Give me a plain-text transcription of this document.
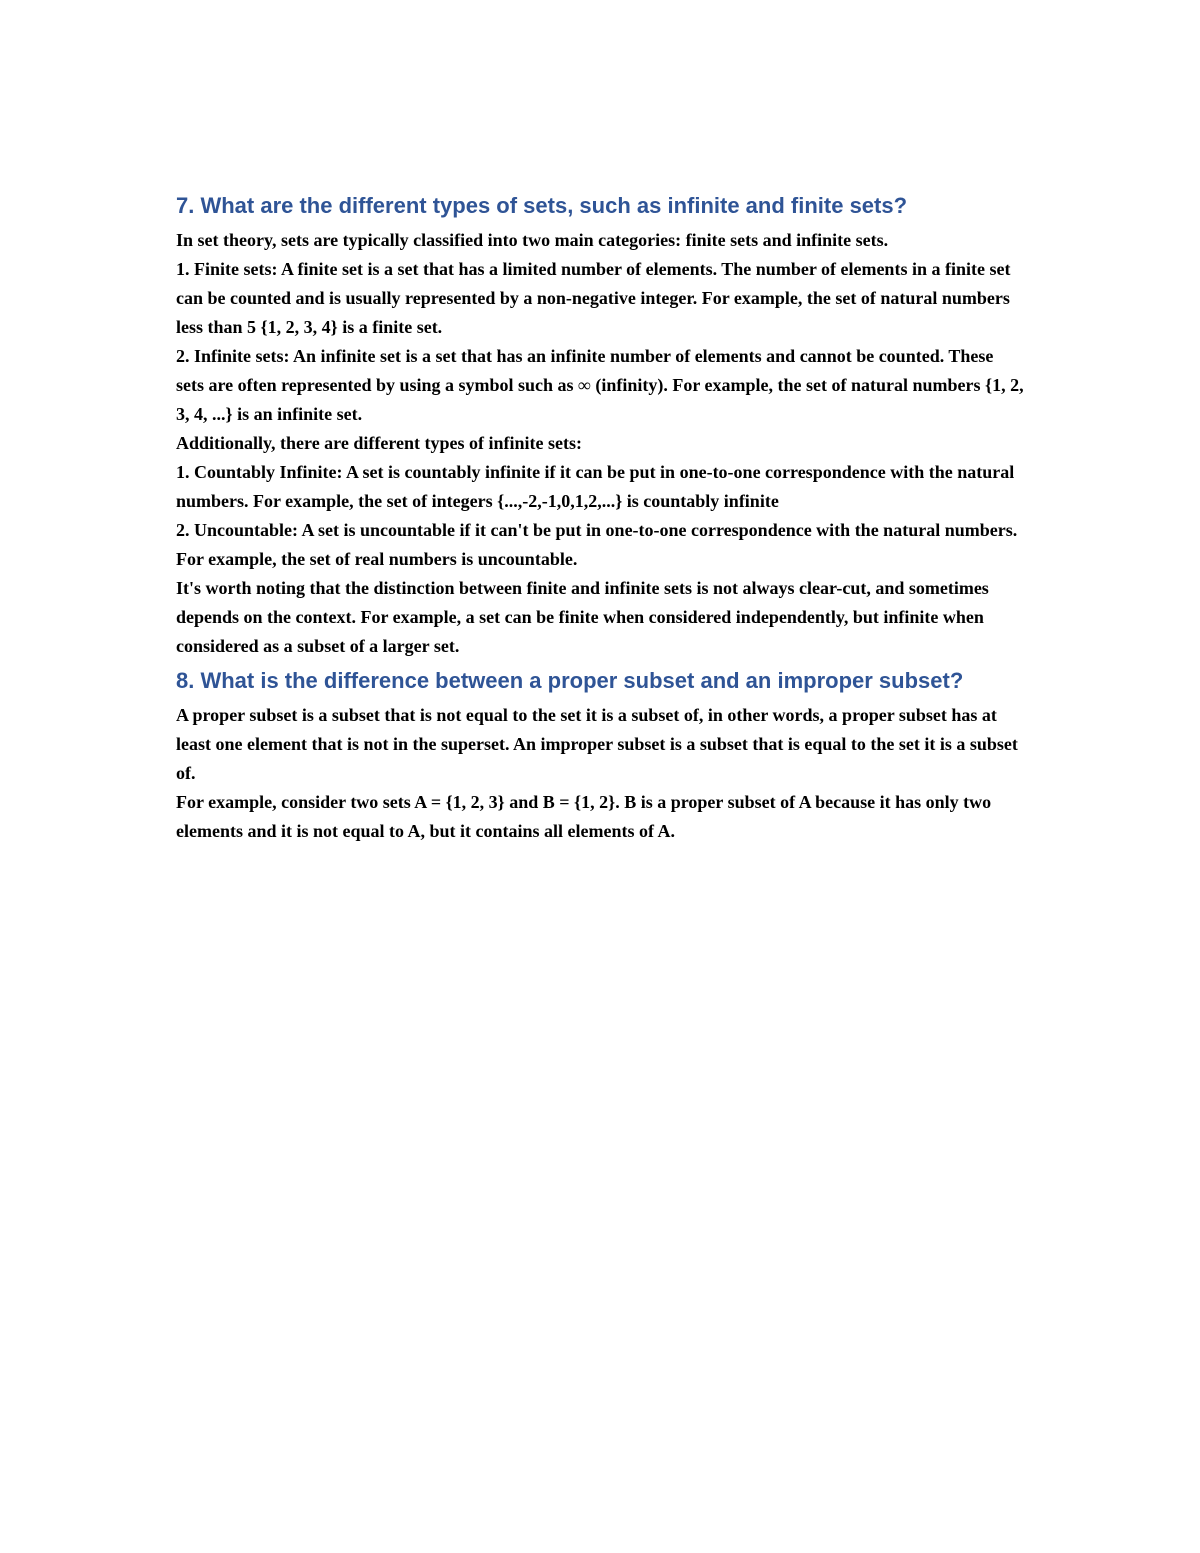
7. What are the different types of sets, such as infinite and finite sets?

In set theory, sets are typically classified into two main categories: finite sets and infinite sets.

1. Finite sets: A finite set is a set that has a limited number of elements. The number of elements in a finite set can be counted and is usually represented by a non-negative integer. For example, the set of natural numbers less than 5 {1, 2, 3, 4} is a finite set.

2. Infinite sets: An infinite set is a set that has an infinite number of elements and cannot be counted. These sets are often represented by using a symbol such as ∞ (infinity). For example, the set of natural numbers {1, 2, 3, 4, ...} is an infinite set.

Additionally, there are different types of infinite sets:

1. Countably Infinite: A set is countably infinite if it can be put in one-to-one correspondence with the natural numbers. For example, the set of integers {...,-2,-1,0,1,2,...} is countably infinite

2. Uncountable: A set is uncountable if it can't be put in one-to-one correspondence with the natural numbers. For example, the set of real numbers is uncountable.

It's worth noting that the distinction between finite and infinite sets is not always clear-cut, and sometimes depends on the context. For example, a set can be finite when considered independently, but infinite when considered as a subset of a larger set.

8. What is the difference between a proper subset and an improper subset?

A proper subset is a subset that is not equal to the set it is a subset of, in other words, a proper subset has at least one element that is not in the superset. An improper subset is a subset that is equal to the set it is a subset of.

For example, consider two sets A = {1, 2, 3} and B = {1, 2}. B is a proper subset of A because it has only two elements and it is not equal to A, but it contains all elements of A.
